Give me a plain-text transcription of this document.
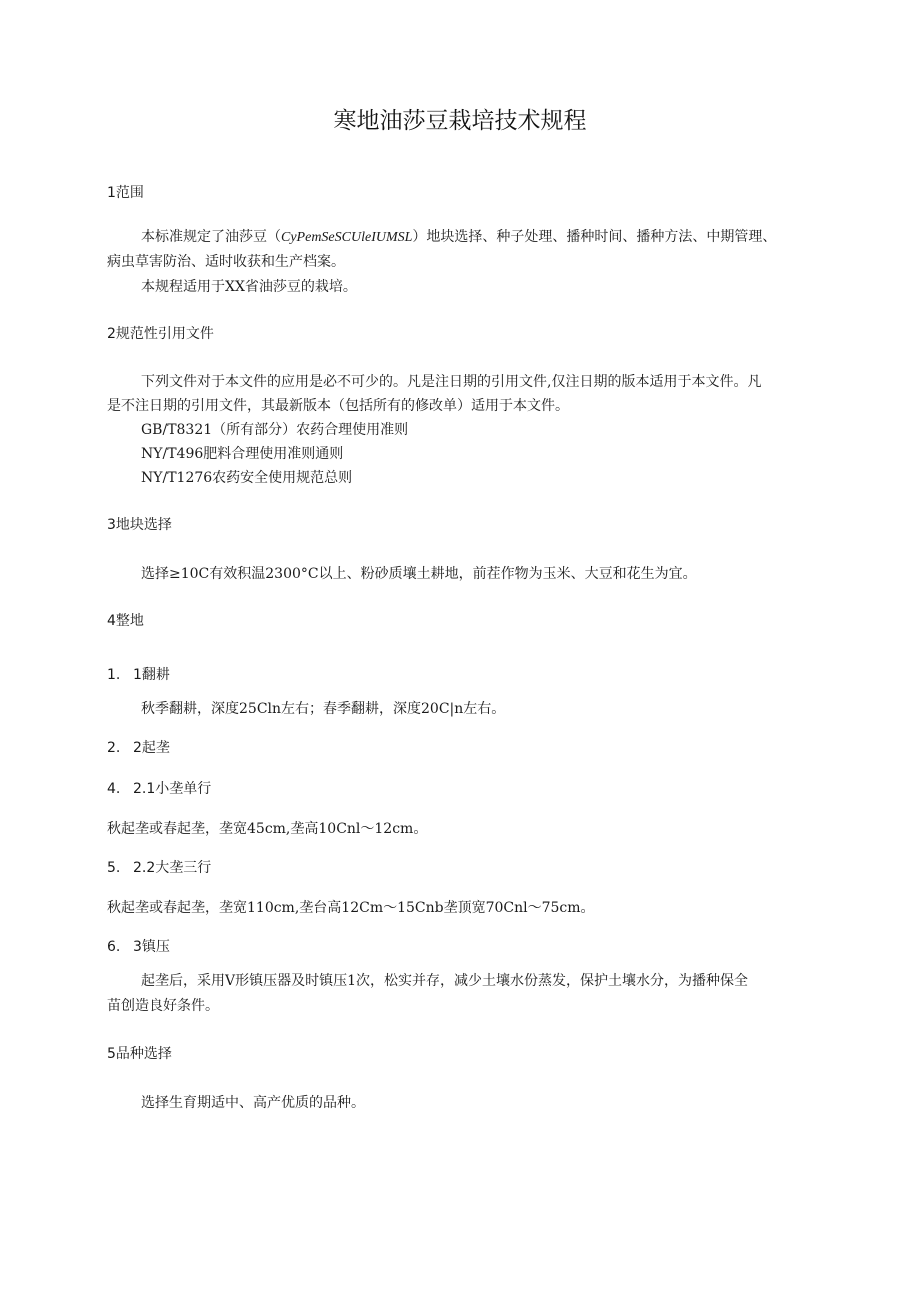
寒地油莎豆栽培技术规程
1范围
本标准规定了油莎豆（CyPemSeSCUleIUMSL）地块选择、种子处理、播种时间、播种方法、中期管理、
病虫草害防治、适时收获和生产档案。
本规程适用于XX省油莎豆的栽培。
2规范性引用文件
下列文件对于本文件的应用是必不可少的。凡是注日期的引用文件,仅注日期的版本适用于本文件。凡
是不注日期的引用文件，其最新版本（包括所有的修改单）适用于本文件。
GB/T8321（所有部分）农药合理使用准则
NY/T496肥料合理使用准则通则
NY/T1276农药安全使用规范总则
3地块选择
选择≥10C有效积温2300°C以上、粉砂质壤土耕地，前茬作物为玉米、大豆和花生为宜。
4整地
1. 1翻耕
秋季翻耕，深度25Cln左右；春季翻耕，深度20C|n左右。
2. 2起垄
4. 2.1小垄单行
秋起垄或春起垄，垄宽45cm,垄高10Cnl～12cm。
5. 2.2大垄三行
秋起垄或春起垄，垄宽110cm,垄台高12Cm～15Cnb垄顶宽70Cnl～75cm。
6. 3镇压
起垄后，采用V形镇压器及时镇压1次，松实并存，减少土壤水份蒸发，保护土壤水分，为播种保全
苗创造良好条件。
5品种选择
选择生育期适中、高产优质的品种。
